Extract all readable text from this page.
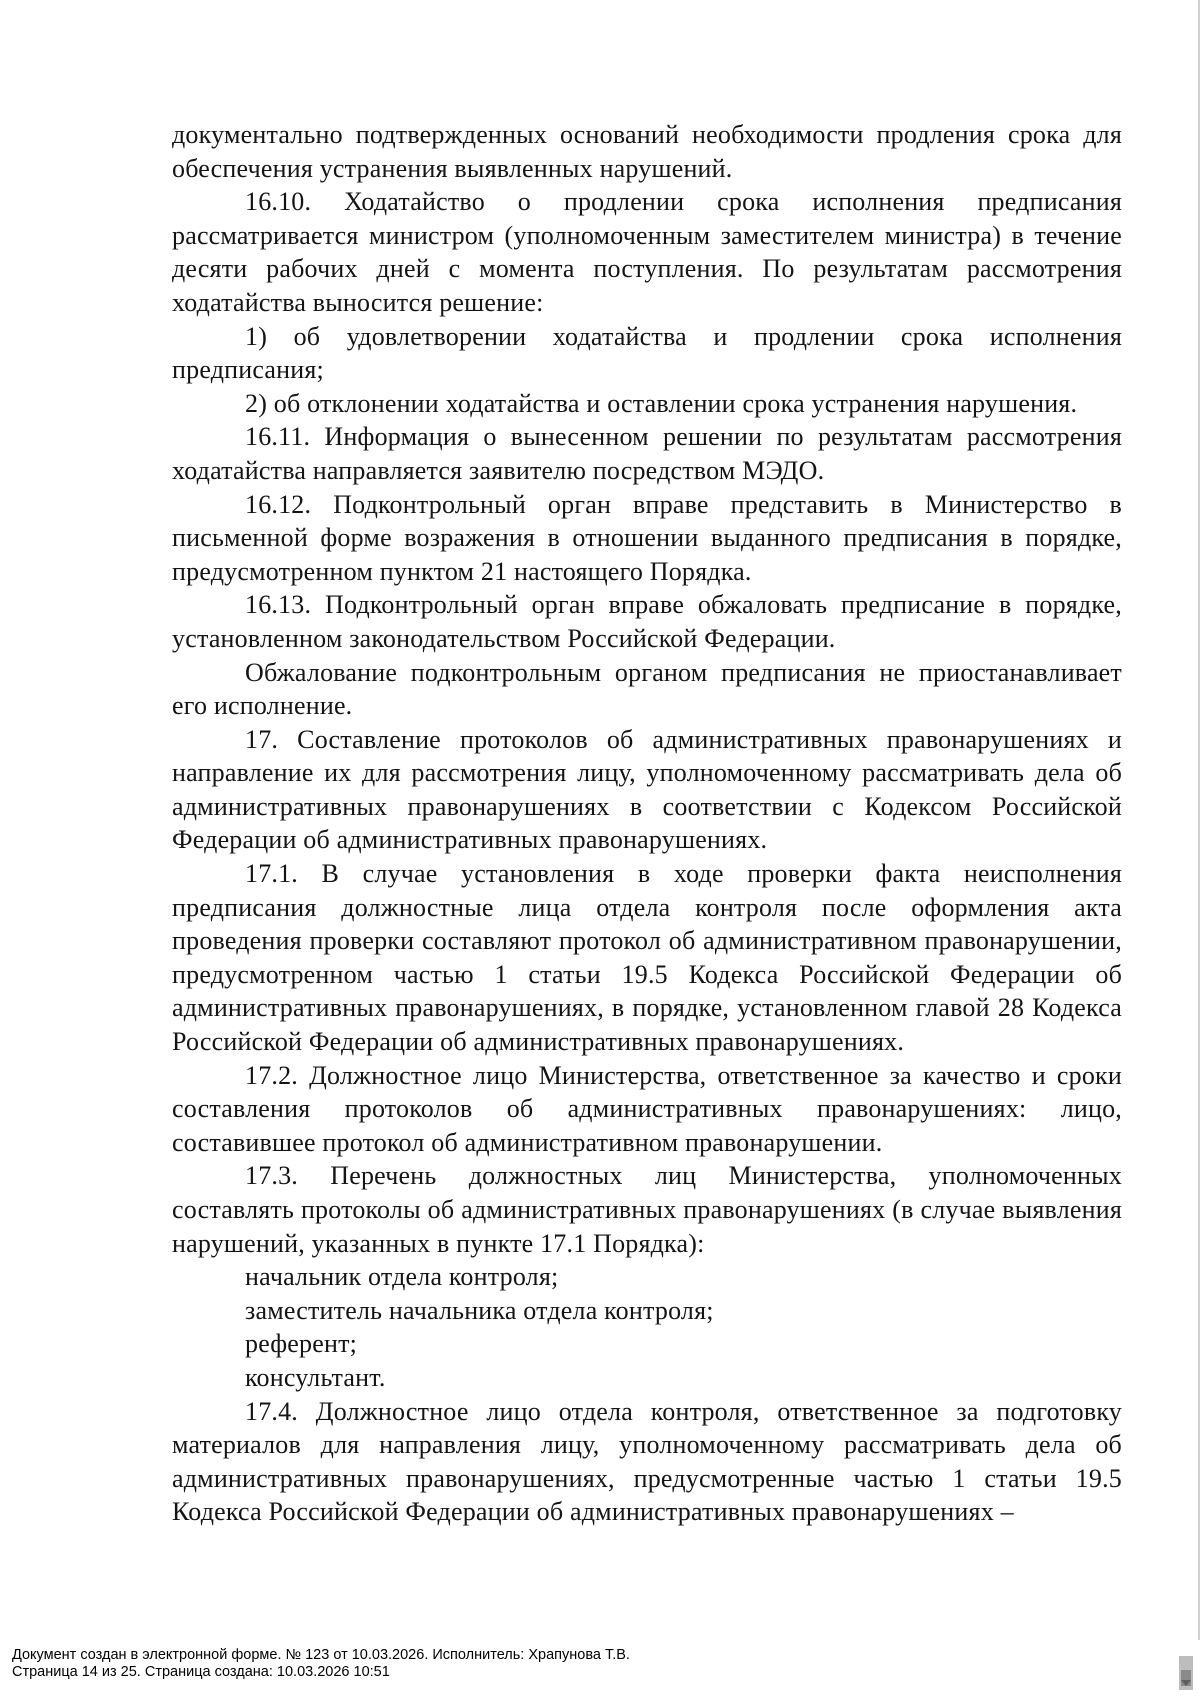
документально подтвержденных оснований необходимости продления срока для обеспечения устранения выявленных нарушений.

16.10. Ходатайство о продлении срока исполнения предписания рассматривается министром (уполномоченным заместителем министра) в течение десяти рабочих дней с момента поступления. По результатам рассмотрения ходатайства выносится решение:

1) об удовлетворении ходатайства и продлении срока исполнения предписания;

2) об отклонении ходатайства и оставлении срока устранения нарушения.

16.11. Информация о вынесенном решении по результатам рассмотрения ходатайства направляется заявителю посредством МЭДО.

16.12. Подконтрольный орган вправе представить в Министерство в письменной форме возражения в отношении выданного предписания в порядке, предусмотренном пунктом 21 настоящего Порядка.

16.13. Подконтрольный орган вправе обжаловать предписание в порядке, установленном законодательством Российской Федерации.

Обжалование подконтрольным органом предписания не приостанавливает его исполнение.

17. Составление протоколов об административных правонарушениях и направление их для рассмотрения лицу, уполномоченному рассматривать дела об административных правонарушениях в соответствии с Кодексом Российской Федерации об административных правонарушениях.

17.1. В случае установления в ходе проверки факта неисполнения предписания должностные лица отдела контроля после оформления акта проведения проверки составляют протокол об административном правонарушении, предусмотренном частью 1 статьи 19.5 Кодекса Российской Федерации об административных правонарушениях, в порядке, установленном главой 28 Кодекса Российской Федерации об административных правонарушениях.

17.2. Должностное лицо Министерства, ответственное за качество и сроки составления протоколов об административных правонарушениях: лицо, составившее протокол об административном правонарушении.

17.3. Перечень должностных лиц Министерства, уполномоченных составлять протоколы об административных правонарушениях (в случае выявления нарушений, указанных в пункте 17.1 Порядка):

начальник отдела контроля;

заместитель начальника отдела контроля;

референт;

консультант.

17.4. Должностное лицо отдела контроля, ответственное за подготовку материалов для направления лицу, уполномоченному рассматривать дела об административных правонарушениях, предусмотренные частью 1 статьи 19.5 Кодекса Российской Федерации об административных правонарушениях –

Документ создан в электронной форме. № 123 от 10.03.2026. Исполнитель: Храпунова Т.В.
Страница 14 из 25. Страница создана: 10.03.2026 10:51
